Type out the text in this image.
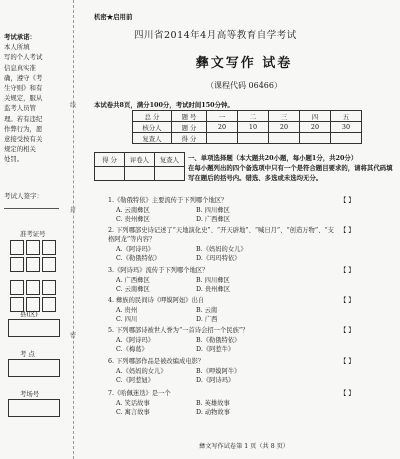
考试承诺：
本人所填
写的个人考试
信息真实准
确，遵守《考
生守则》和有
关规定，服从
监考人员管
理。若有违纪
作弊行为，愿
意接受按有关
规定的相关
处罚。
考试人签字：
准考证号
县(区)
考 点
考场号
线
封
密
机密★启用前
四川省2014年4月高等教育自学考试
彝文写作 试卷
（课程代码 06466）
本试卷共8页，满分100分，考试时间150分钟。
总 分	题 号	一	二	三	四	五
核分人	题 分	20	10	20	20	30
复查人	得 分					
得 分	评卷人	复查人
		一、单项选择题（本大题共20小题，每小题1分，共20分）
在每小题列出的四个备选项中只有一个是符合题目要求的，请将其代码填写在题后的括号内。错选、多选或未选均无分。
1.《勒俄特依》主要流传于下列哪个地区？	【 】
A. 云南彝区	B. 四川彝区
C. 贵州彝区	D. 广西彝区
2. 下列哪部史诗记述了“天地演化史”、“开天辟地”、“喊日月”、“创造万物”、“支格阿龙”等内容？
【 】
A.《阿诗玛》	B.《妈妈的女儿》
C.《勒俄特依》	D.《玛玛特依》
3.《阿诗玛》流传于下列哪个地区？	【 】
A. 广西彝区	B. 四川彝区
C. 云南彝区	D. 贵州彝区
4. 彝族的民间诗《呷嫫阿妞》出自	【 】
A. 贵州	B. 云南
C. 四川	D. 广西
5. 下列哪部诗被世人誉为“一首诗会招一个民族”？	【 】
A.《阿诗玛》	B.《勒俄特依》
C.《梅葛》	D.《阿惹牛》
6. 下列哪部作品是被改编成电影？	【 】
A.《妈妈的女儿》	B.《呷嫫阿牛》
C.《阿惹妞》	D.《阿诗玛》
7.《哈佩迷迭》是一个	【 】
A. 笑话故事	B. 英雄故事
C. 寓言故事	D. 动物故事
彝文写作试卷第 1 页（共 8 页）
